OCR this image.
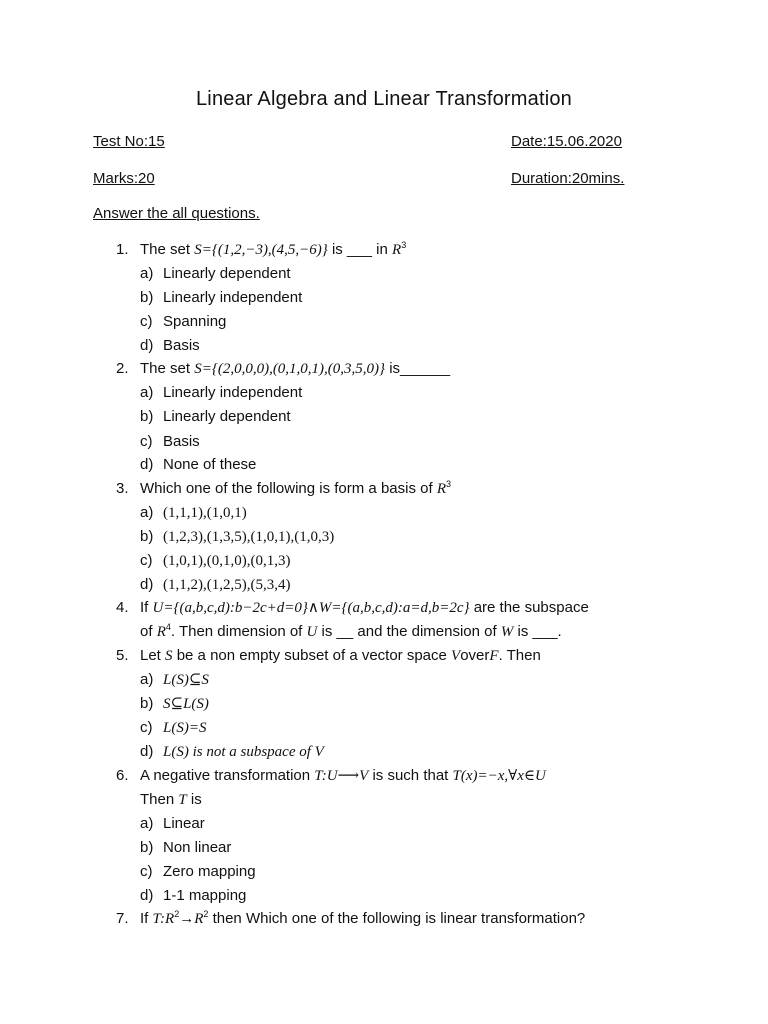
Linear Algebra and Linear Transformation
Test No:15	Date:15.06.2020
Marks:20	Duration:20mins.
Answer the all questions.
1. The set S={(1,2,−3),(4,5,−6)} is ___ in $R^3$
a) Linearly dependent
b) Linearly independent
c) Spanning
d) Basis
2. The set S={(2,0,0,0),(0,1,0,1),(0,3,5,0)} is______
a) Linearly independent
b) Linearly dependent
c) Basis
d) None of these
3. Which one of the following is form a basis of $R^3$
a) (1,1,1),(1,0,1)
b) (1,2,3),(1,3,5),(1,0,1),(1,0,3)
c) (1,0,1),(0,1,0),(0,1,3)
d) (1,1,2),(1,2,5),(5,3,4)
4. If U={(a,b,c,d):b−2c+d=0}∧W={(a,b,c,d):a=d,b=2c} are the subspace
of $R^4$. Then dimension of U is __ and the dimension of W is ___.
5. Let S be a non empty subset of a vector space VoverF. Then
a) L(S)⊆S
b) S⊆L(S)
c) L(S)=S
d) L(S) is not a subspace of V
6. A negative transformation T:U⟶V is such that T(x)=−x,∀x∈U
Then T is
a) Linear
b) Non linear
c) Zero mapping
d) 1-1 mapping
7. If $T:R^2\to R^2$ then Which one of the following is linear transformation?
